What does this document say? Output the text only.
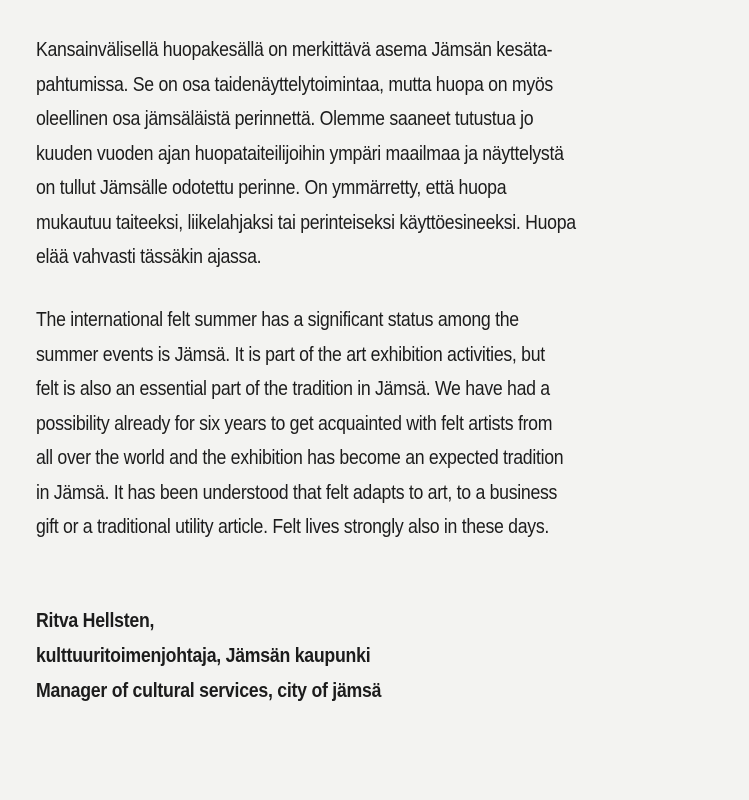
Kansainvälisellä huopakesällä on merkittävä asema Jämsän kesäta-
pahtumissa. Se on osa taidenäyttelytoimintaa, mutta huopa on myös
oleellinen osa jämsäläistä perinnettä. Olemme saaneet tutustua jo
kuuden vuoden ajan huopataiteilijoihin ympäri maailmaa ja näyttelystä
on tullut Jämsälle odotettu perinne. On ymmärretty, että huopa
mukautuu taiteeksi, liikelahjaksi tai perinteiseksi käyttöesineeksi. Huopa
elää vahvasti tässäkin ajassa.

The international felt summer has a significant status among the
summer events is Jämsä. It is part of the art exhibition activities, but
felt is also an essential part of the tradition in Jämsä. We have had a
possibility already for six years to get acquainted with felt artists from
all over the world and the exhibition has become an expected tradition
in Jämsä. It has been understood that felt adapts to art, to a business
gift or a traditional utility article. Felt lives strongly also in these days.

Ritva Hellsten,
kulttuuritoimenjohtaja, Jämsän kaupunki
Manager of cultural services, city of jämsä
